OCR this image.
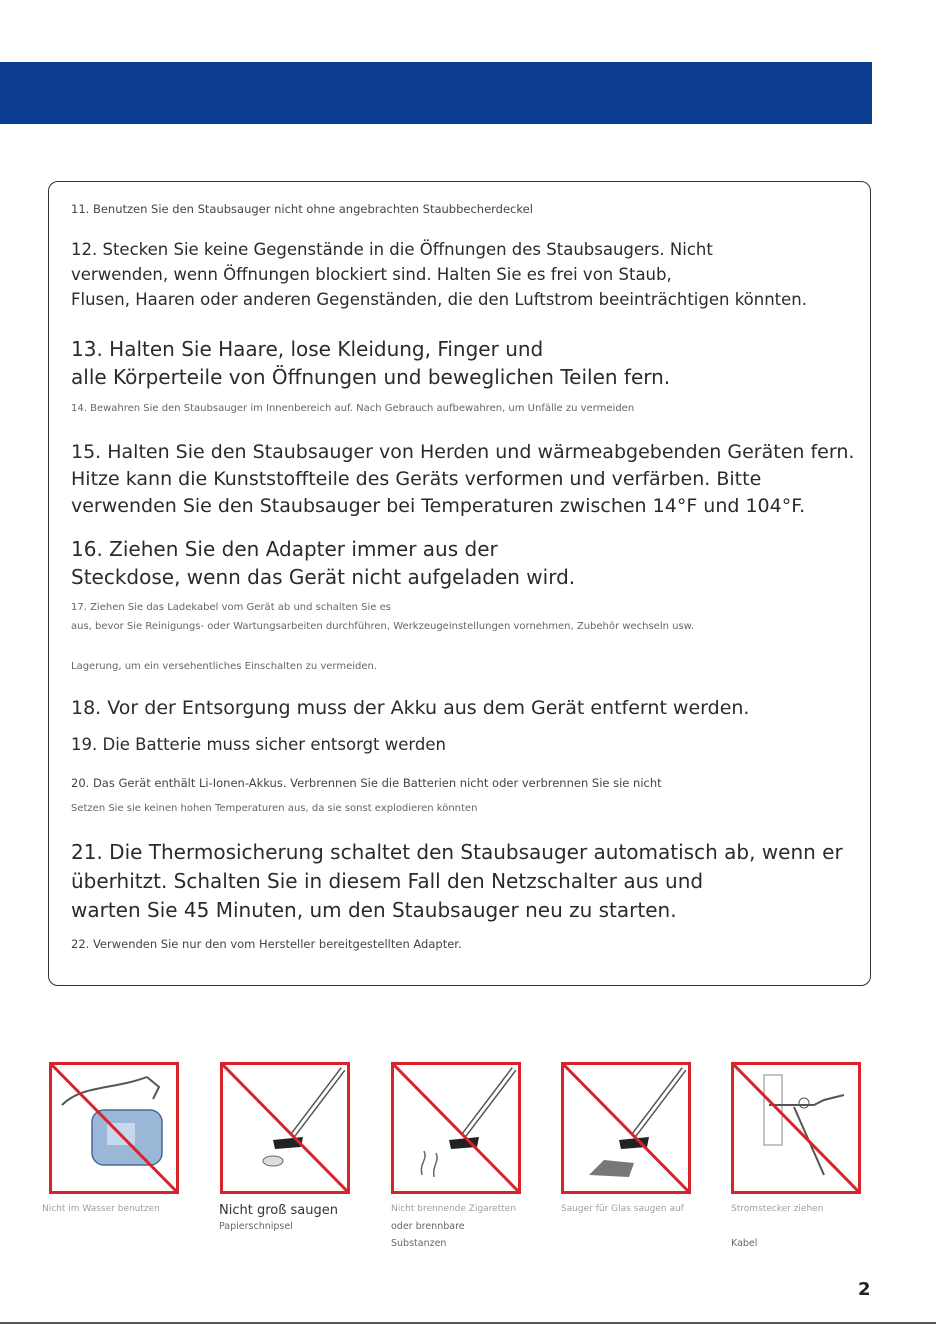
11. Benutzen Sie den Staubsauger nicht ohne angebrachten Staubbecherdeckel

12. Stecken Sie keine Gegenstände in die Öffnungen des Staubsaugers. Nicht

verwenden, wenn Öffnungen blockiert sind. Halten Sie es frei von Staub,

Flusen, Haaren oder anderen Gegenständen, die den Luftstrom beeinträchtigen könnten.

13. Halten Sie Haare, lose Kleidung, Finger und

alle Körperteile von Öffnungen und beweglichen Teilen fern.

14. Bewahren Sie den Staubsauger im Innenbereich auf. Nach Gebrauch aufbewahren, um Unfälle zu vermeiden

15. Halten Sie den Staubsauger von Herden und wärmeabgebenden Geräten fern.

Hitze kann die Kunststoffteile des Geräts verformen und verfärben. Bitte

verwenden Sie den Staubsauger bei Temperaturen zwischen 14°F und 104°F.

16. Ziehen Sie den Adapter immer aus der

Steckdose, wenn das Gerät nicht aufgeladen wird.

17. Ziehen Sie das Ladekabel vom Gerät ab und schalten Sie es

aus, bevor Sie Reinigungs- oder Wartungsarbeiten durchführen, Werkzeugeinstellungen vornehmen, Zubehör wechseln usw.

Lagerung, um ein versehentliches Einschalten zu vermeiden.

18. Vor der Entsorgung muss der Akku aus dem Gerät entfernt werden.

19. Die Batterie muss sicher entsorgt werden

20. Das Gerät enthält Li-Ionen-Akkus. Verbrennen Sie die Batterien nicht oder verbrennen Sie sie nicht

Setzen Sie sie keinen hohen Temperaturen aus, da sie sonst explodieren könnten

21. Die Thermosicherung schaltet den Staubsauger automatisch ab, wenn er

überhitzt. Schalten Sie in diesem Fall den Netzschalter aus und

warten Sie 45 Minuten, um den Staubsauger neu zu starten.

22. Verwenden Sie nur den vom Hersteller bereitgestellten Adapter.

Nicht im Wasser benutzen	Nicht groß saugen
Papierschnipsel
Nicht brennende Zigaretten
oder brennbare
Substanzen
Sauger für Glas saugen auf	Stromstecker ziehen
Kabel
2
